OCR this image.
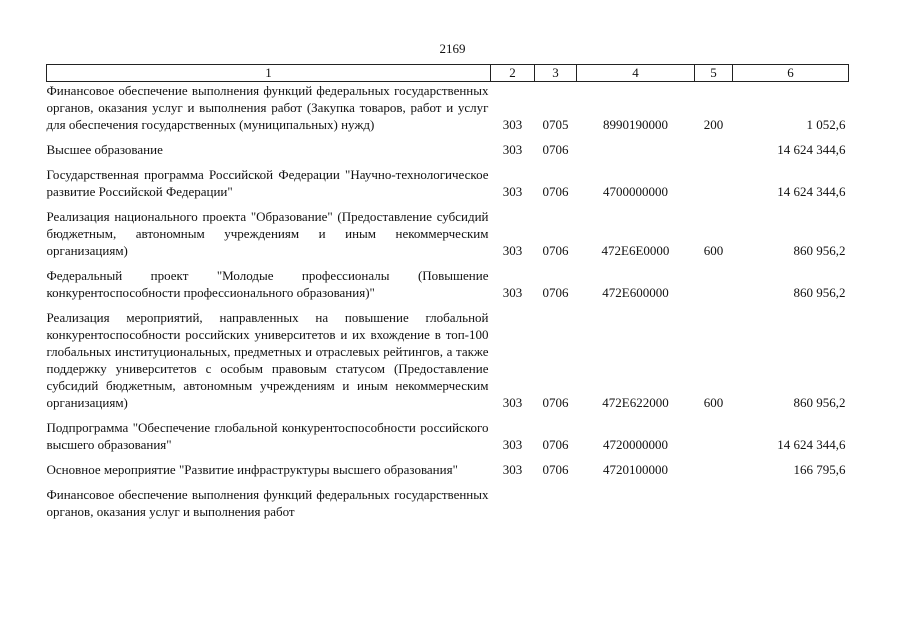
2169
1	2	3	4	5	6
Финансовое обеспечение выполнения функций федеральных государственных органов, оказания услуг и выполнения работ (Закупка товаров, работ и услуг для обеспечения государственных (муниципальных) нужд)	303	0705	8990190000	200	1 052,6

Высшее образование	303	0706			14 624 344,6

Государственная программа Российской Федерации "Научно-технологическое развитие Российской Федерации"	303	0706	4700000000		14 624 344,6

Реализация национального проекта "Образование" (Предоставление субсидий бюджетным, автономным учреждениям и иным некоммерческим организациям)	303	0706	472E6E0000	600	860 956,2

Федеральный проект "Молодые профессионалы (Повышение конкурентоспособности профессионального образования)"	303	0706	472E600000		860 956,2

Реализация мероприятий, направленных на повышение глобальной конкурентоспособности российских университетов и их вхождение в топ-100 глобальных институциональных, предметных и отраслевых рейтингов, а также поддержку университетов с особым правовым статусом (Предоставление субсидий бюджетным, автономным учреждениям и иным некоммерческим организациям)	303	0706	472E622000	600	860 956,2

Подпрограмма "Обеспечение глобальной конкурентоспособности российского высшего образования"	303	0706	4720000000		14 624 344,6

Основное мероприятие "Развитие инфраструктуры высшего образования"	303	0706	4720100000		166 795,6

Финансовое обеспечение выполнения функций федеральных государственных органов, оказания услуг и выполнения работ					
